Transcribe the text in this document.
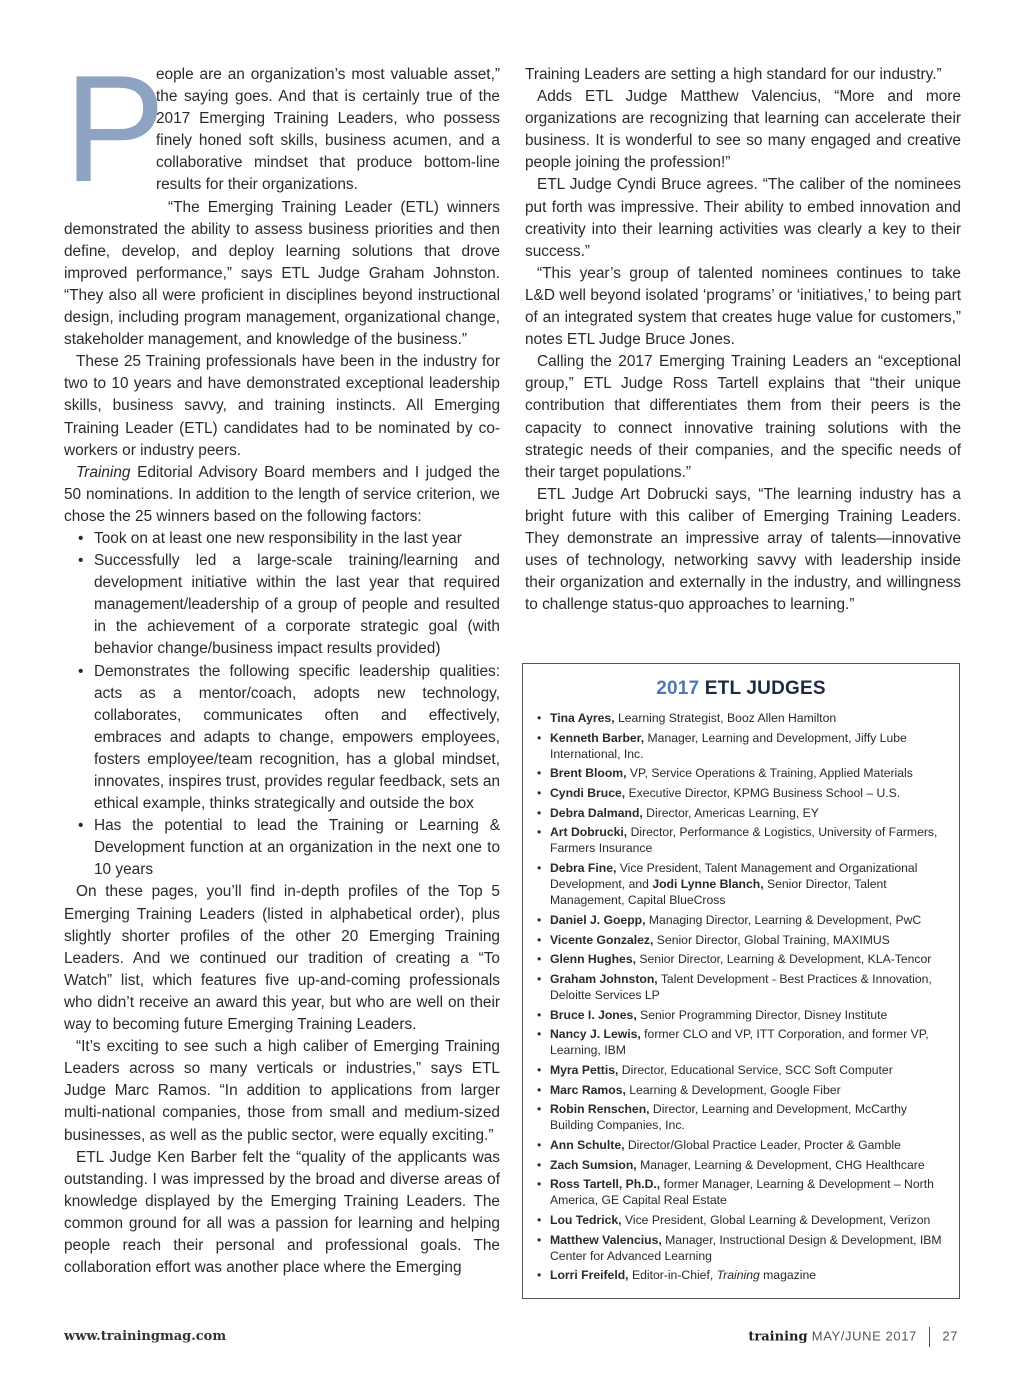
P

eople are an organization’s most valuable asset,” the saying goes. And that is certainly true of the 2017 Emerging Training Leaders, who possess finely honed soft skills, business acumen, and a collaborative mindset that produce bottom-line results for their organizations.

“The Emerging Training Leader (ETL) winners demonstrated the ability to assess business priorities and then define, develop, and deploy learning solutions that drove improved performance,” says ETL Judge Graham Johnston. “They also all were proficient in disciplines beyond instructional design, including program management, organizational change, stakeholder management, and knowledge of the business.”

These 25 Training professionals have been in the industry for two to 10 years and have demonstrated exceptional leadership skills, business savvy, and training instincts. All Emerging Training Leader (ETL) candidates had to be nominated by co-workers or industry peers.

Training Editorial Advisory Board members and I judged the 50 nominations. In addition to the length of service criterion, we chose the 25 winners based on the following factors:

• Took on at least one new responsibility in the last year
• Successfully led a large-scale training/learning and development initiative within the last year that required management/leadership of a group of people and resulted in the achievement of a corporate strategic goal (with behavior change/business impact results provided)
• Demonstrates the following specific leadership qualities: acts as a mentor/coach, adopts new technology, collaborates, communicates often and effectively, embraces and adapts to change, empowers employees, fosters employee/team recognition, has a global mindset, innovates, inspires trust, provides regular feedback, sets an ethical example, thinks strategically and outside the box
• Has the potential to lead the Training or Learning & Development function at an organization in the next one to 10 years

On these pages, you’ll find in-depth profiles of the Top 5 Emerging Training Leaders (listed in alphabetical order), plus slightly shorter profiles of the other 20 Emerging Training Leaders. And we continued our tradition of creating a “To Watch” list, which features five up-and-coming professionals who didn’t receive an award this year, but who are well on their way to becoming future Emerging Training Leaders.

“It’s exciting to see such a high caliber of Emerging Training Leaders across so many verticals or industries,” says ETL Judge Marc Ramos. “In addition to applications from larger multi-national companies, those from small and medium-sized businesses, as well as the public sector, were equally exciting.”

ETL Judge Ken Barber felt the “quality of the applicants was outstanding. I was impressed by the broad and diverse areas of knowledge displayed by the Emerging Training Leaders. The common ground for all was a passion for learning and helping people reach their personal and professional goals. The collaboration effort was another place where the Emerging

Training Leaders are setting a high standard for our industry.”

Adds ETL Judge Matthew Valencius, “More and more organizations are recognizing that learning can accelerate their business. It is wonderful to see so many engaged and creative people joining the profession!”

ETL Judge Cyndi Bruce agrees. “The caliber of the nominees put forth was impressive. Their ability to embed innovation and creativity into their learning activities was clearly a key to their success.”

“This year’s group of talented nominees continues to take L&D well beyond isolated ‘programs’ or ‘initiatives,’ to being part of an integrated system that creates huge value for customers,” notes ETL Judge Bruce Jones.

Calling the 2017 Emerging Training Leaders an “exceptional group,” ETL Judge Ross Tartell explains that “their unique contribution that differentiates them from their peers is the capacity to connect innovative training solutions with the strategic needs of their companies, and the specific needs of their target populations.”

ETL Judge Art Dobrucki says, “The learning industry has a bright future with this caliber of Emerging Training Leaders. They demonstrate an impressive array of talents—innovative uses of technology, networking savvy with leadership inside their organization and externally in the industry, and willingness to challenge status-quo approaches to learning.”

2017 ETL JUDGES
• Tina Ayres, Learning Strategist, Booz Allen Hamilton
• Kenneth Barber, Manager, Learning and Development, Jiffy Lube International, Inc.
• Brent Bloom, VP, Service Operations & Training, Applied Materials
• Cyndi Bruce, Executive Director, KPMG Business School – U.S.
• Debra Dalmand, Director, Americas Learning, EY
• Art Dobrucki, Director, Performance & Logistics, University of Farmers, Farmers Insurance
• Debra Fine, Vice President, Talent Management and Organizational Development, and Jodi Lynne Blanch, Senior Director, Talent Management, Capital BlueCross
• Daniel J. Goepp, Managing Director, Learning & Development, PwC
• Vicente Gonzalez, Senior Director, Global Training, MAXIMUS
• Glenn Hughes, Senior Director, Learning & Development, KLA-Tencor
• Graham Johnston, Talent Development - Best Practices & Innovation, Deloitte Services LP
• Bruce I. Jones, Senior Programming Director, Disney Institute
• Nancy J. Lewis, former CLO and VP, ITT Corporation, and former VP, Learning, IBM
• Myra Pettis, Director, Educational Service, SCC Soft Computer
• Marc Ramos, Learning & Development, Google Fiber
• Robin Renschen, Director, Learning and Development, McCarthy Building Companies, Inc.
• Ann Schulte, Director/Global Practice Leader, Procter & Gamble
• Zach Sumsion, Manager, Learning & Development, CHG Healthcare
• Ross Tartell, Ph.D., former Manager, Learning & Development – North America, GE Capital Real Estate
• Lou Tedrick, Vice President, Global Learning & Development, Verizon
• Matthew Valencius, Manager, Instructional Design & Development, IBM Center for Advanced Learning
• Lorri Freifeld, Editor-in-Chief, Training magazine
www.trainingmag.com	training MAY/JUNE 2017 27
